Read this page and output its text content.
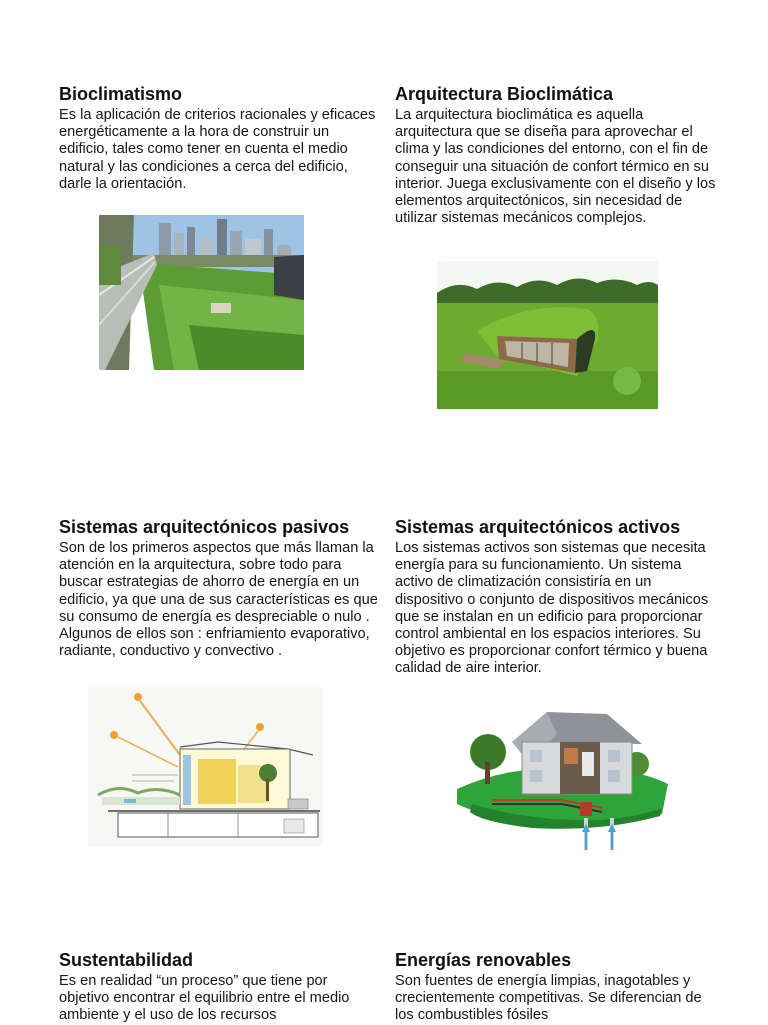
Bioclimatismo

Es la aplicación de criterios racionales y eficaces energéticamente a la hora de construir un edificio, tales como tener en cuenta el medio natural y las condiciones a cerca del edificio, darle la orientación.

Arquitectura Bioclimática

La arquitectura bioclimática es aquella arquitectura que se diseña para aprovechar el clima y las condiciones del entorno, con el fin de conseguir una situación de confort térmico en su interior. Juega exclusivamente con el diseño y los elementos arquitectónicos, sin necesidad de utilizar sistemas mecánicos complejos.

Sistemas arquitectónicos pasivos

Son de los primeros aspectos que más llaman la atención en la arquitectura, sobre todo para buscar estrategias de ahorro de energía en un edificio, ya que una de sus características es que su consumo de energía es despreciable o nulo . Algunos de ellos son : enfriamiento evaporativo, radiante, conductivo y convectivo .

Sistemas arquitectónicos activos

Los sistemas activos son sistemas que necesita energía para su funcionamiento. Un sistema activo de climatización consistiría en un dispositivo o conjunto de dispositivos mecánicos que se instalan en un edificio para proporcionar control ambiental en los espacios interiores. Su objetivo es proporcionar confort térmico y buena calidad de aire interior.

Sustentabilidad

Es en realidad “un proceso” que tiene por objetivo encontrar el equilibrio entre el medio ambiente y el uso de los recursos

Energías renovables

Son fuentes de energía limpias, inagotables y crecientemente competitivas. Se diferencian de los combustibles fósiles
